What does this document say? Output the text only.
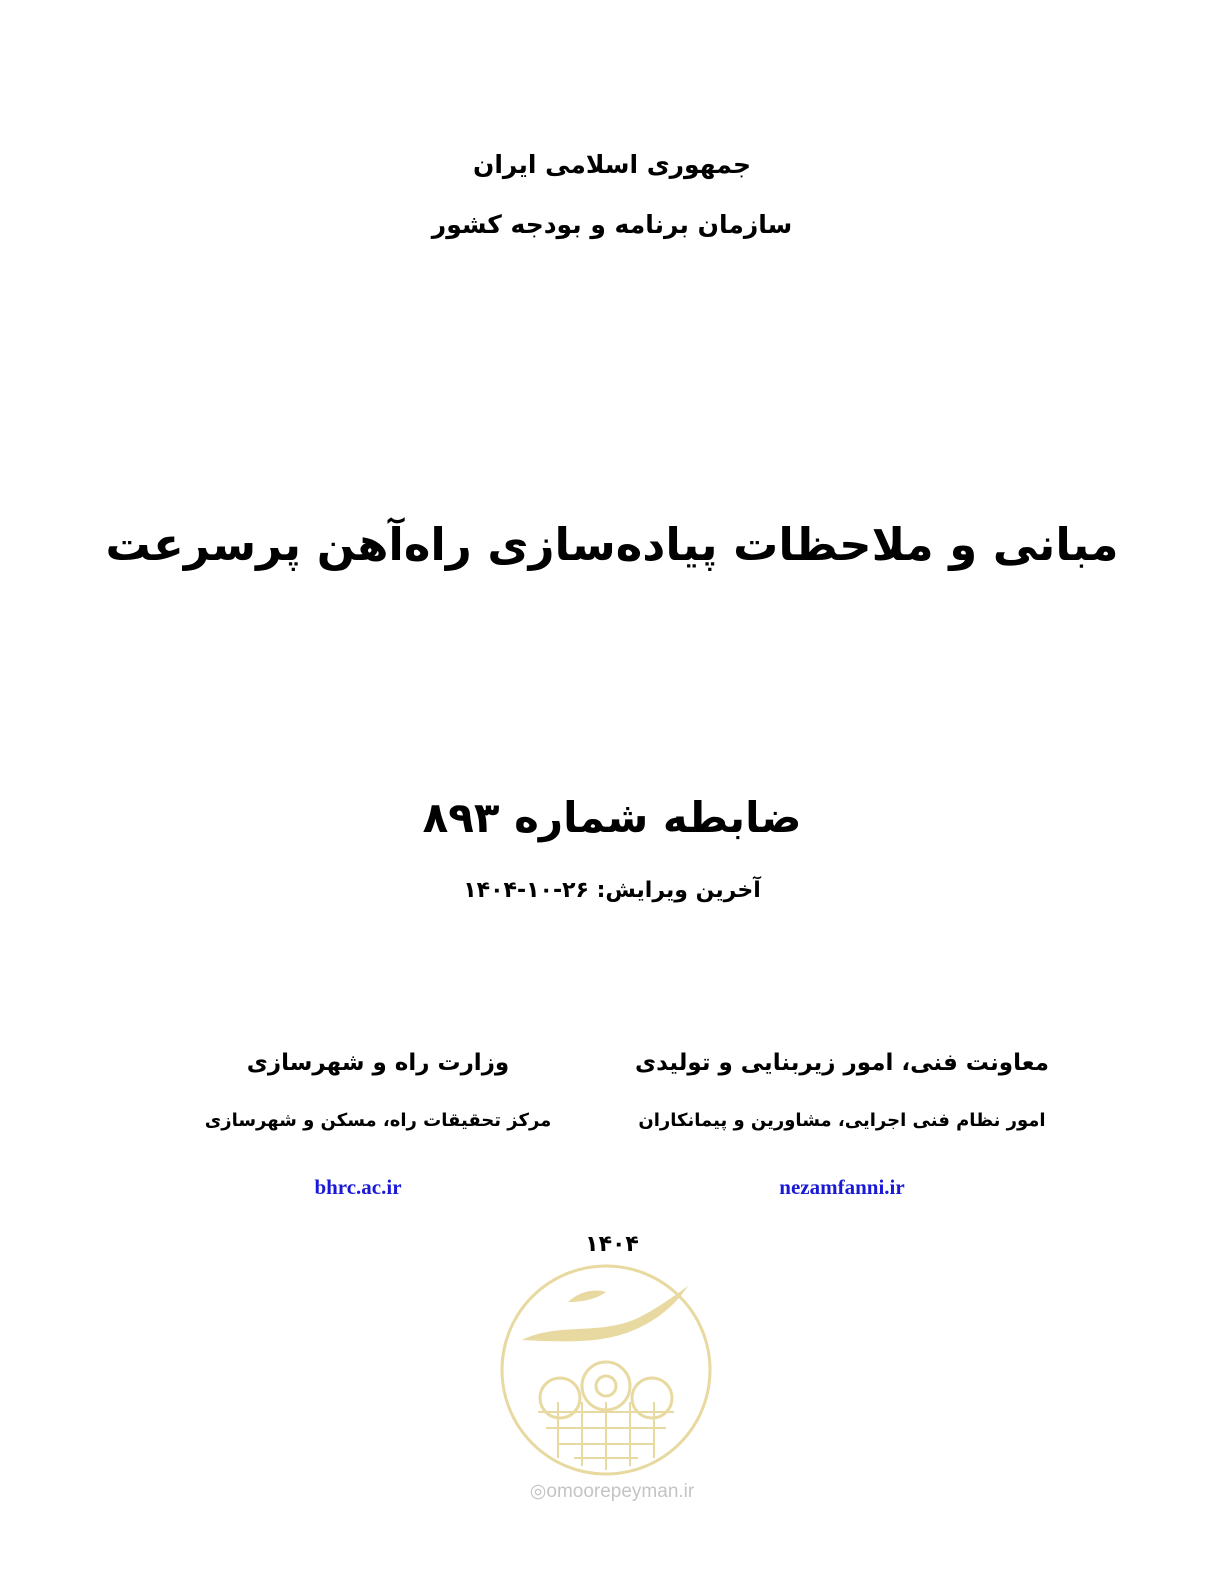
جمهوری اسلامی ایران
سازمان برنامه و بودجه کشور
مبانی و ملاحظات پیاده‌سازی راه‌آهن پرسرعت
ضابطه شماره ۸۹۳
آخرین ویرایش: ۲۶-۱۰-۱۴۰۴
معاونت فنی، امور زیربنایی و تولیدی
وزارت راه و شهرسازی
امور نظام فنی اجرایی، مشاورین و پیمانکاران
مرکز تحقیقات راه، مسکن و شهرسازی
nezamfanni.ir
bhrc.ac.ir
۱۴۰۴
◎omoorepeyman.ir
